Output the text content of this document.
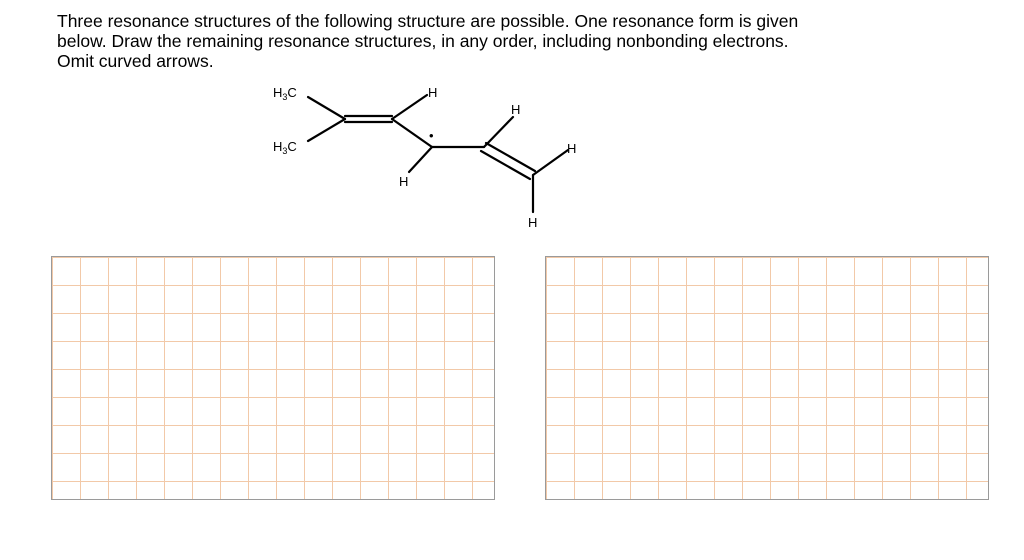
Three resonance structures of the following structure are possible. One resonance form is given
below. Draw the remaining resonance structures, in any order, including nonbonding electrons.
Omit curved arrows.
•
$H_3C$
$H_3C$
H
H
H
H
H
